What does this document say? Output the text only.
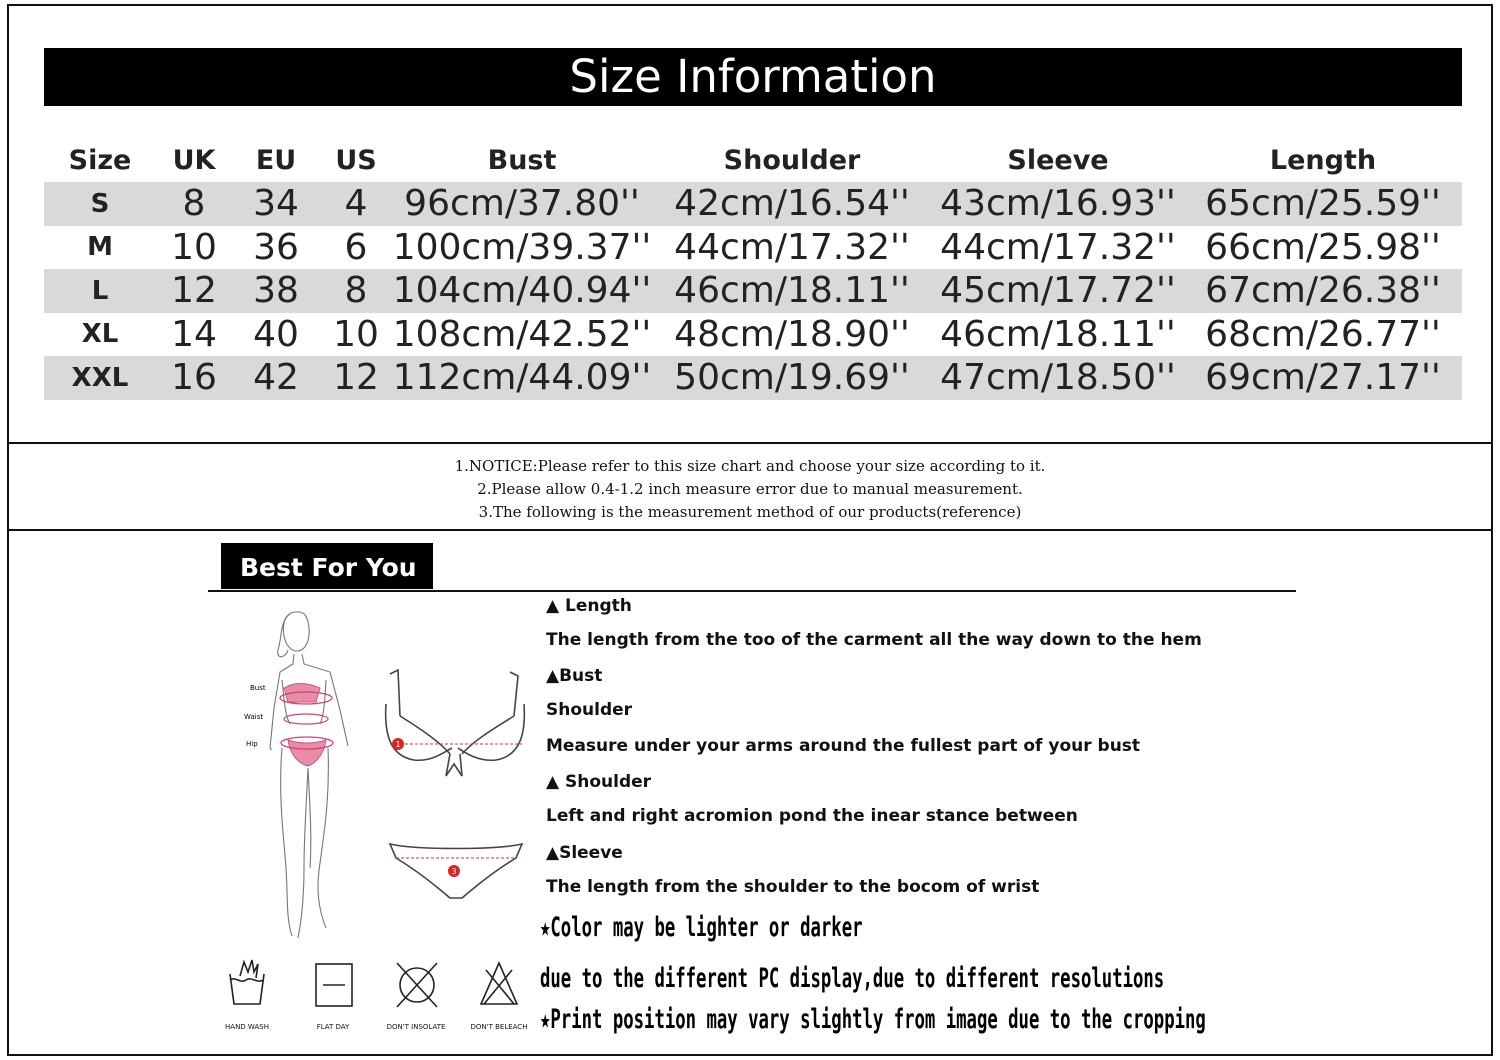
Size Information
Size	UK	EU	US	Bust	Shoulder	Sleeve	Length
S	8	34	4	96cm/37.80''	42cm/16.54''	43cm/16.93''	65cm/25.59''
M	10	36	6	100cm/39.37''	44cm/17.32''	44cm/17.32''	66cm/25.98''
L	12	38	8	104cm/40.94''	46cm/18.11''	45cm/17.72''	67cm/26.38''
XL	14	40	10	108cm/42.52''	48cm/18.90''	46cm/18.11''	68cm/26.77''
XXL	16	42	12	112cm/44.09''	50cm/19.69''	47cm/18.50''	69cm/27.17''
1.NOTICE:Please refer to this size chart and choose your size according to it.
2.Please allow 0.4-1.2 inch measure error due to manual measurement.
3.The following is the measurement method of our products(reference)
Best For You
Bust
Waist
Hip	1
3
▲ Length
The length from the too of the carment all the way down to the hem
▲Bust
Shoulder
Measure under your arms around the fullest part of your bust
▲ Shoulder
Left and right acromion pond the inear stance between
▲Sleeve
The length from the shoulder to the bocom of wrist
★Color may be lighter or darker
due to the different PC display,due to different resolutions
★Print position may vary slightly from image due to the cropping
HAND WASH	FLAT DAY	DON'T INSOLATE	DON'T BELEACH
